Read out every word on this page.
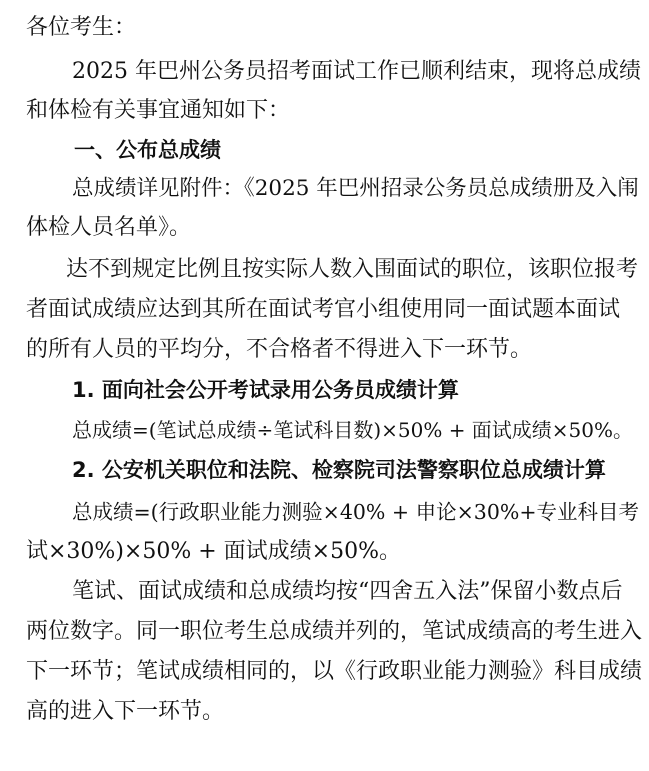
各位考生：
2025 年巴州公务员招考面试工作已顺利结束，现将总成绩
和体检有关事宜通知如下：
一、公布总成绩
总成绩详见附件：《2025 年巴州招录公务员总成绩册及入闱
体检人员名单》。
达不到规定比例且按实际人数入围面试的职位，该职位报考
者面试成绩应达到其所在面试考官小组使用同一面试题本面试
的所有人员的平均分，不合格者不得进入下一环节。
1. 面向社会公开考试录用公务员成绩计算
总成绩=(笔试总成绩÷笔试科目数)×50% + 面试成绩×50%。
2. 公安机关职位和法院、检察院司法警察职位总成绩计算
总成绩=(行政职业能力测验×40% + 申论×30%+专业科目考
试×30%)×50% + 面试成绩×50%。
笔试、面试成绩和总成绩均按“四舍五入法”保留小数点后
两位数字。同一职位考生总成绩并列的，笔试成绩高的考生进入
下一环节；笔试成绩相同的，以《行政职业能力测验》科目成绩
高的进入下一环节。
